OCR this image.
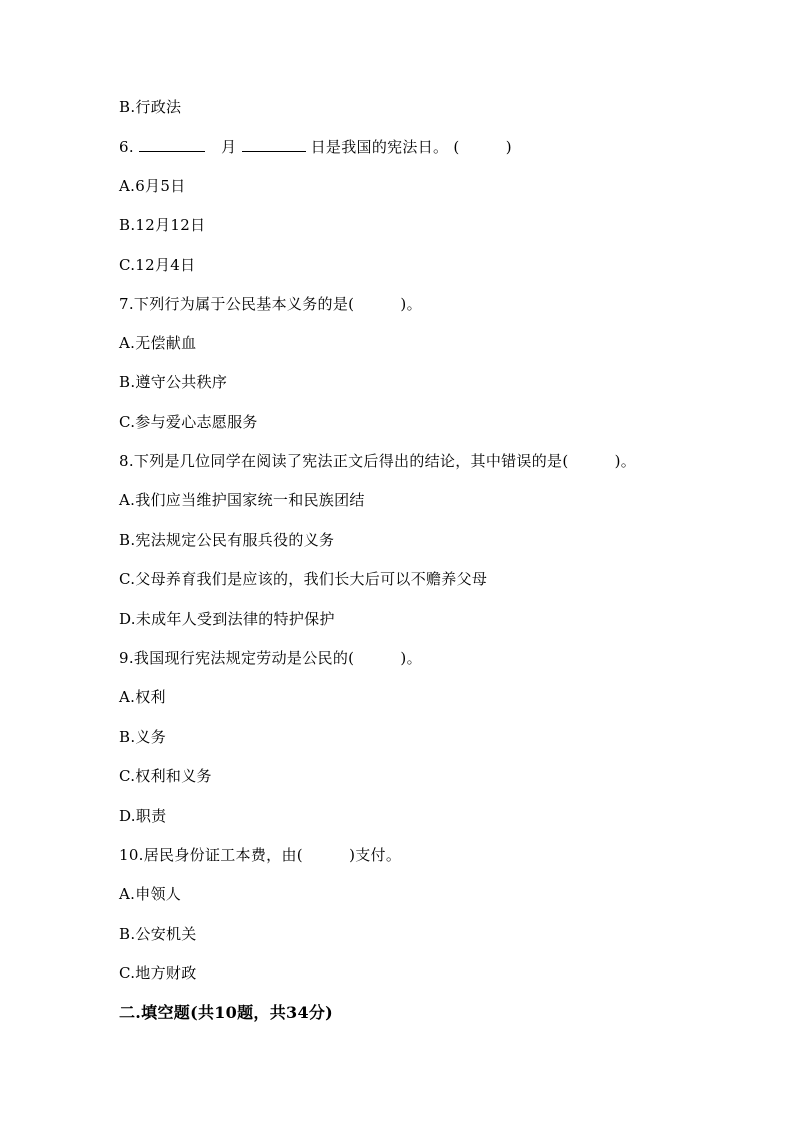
B.行政法
6.	月	日是我国的宪法日。 (	)
A.6月5日
B.12月12日
C.12月4日
7.下列行为属于公民基本义务的是(	)。
A.无偿献血
B.遵守公共秩序
C.参与爱心志愿服务
8.下列是几位同学在阅读了宪法正文后得出的结论，其中错误的是(	)。
A.我们应当维护国家统一和民族团结
B.宪法规定公民有服兵役的义务
C.父母养育我们是应该的，我们长大后可以不赡养父母
D.未成年人受到法律的特护保护
9.我国现行宪法规定劳动是公民的(	)。
A.权利
B.义务
C.权利和义务
D.职责
10.居民身份证工本费，由(	)支付。
A.申领人
B.公安机关
C.地方财政
二.填空题(共10题，共34分)
